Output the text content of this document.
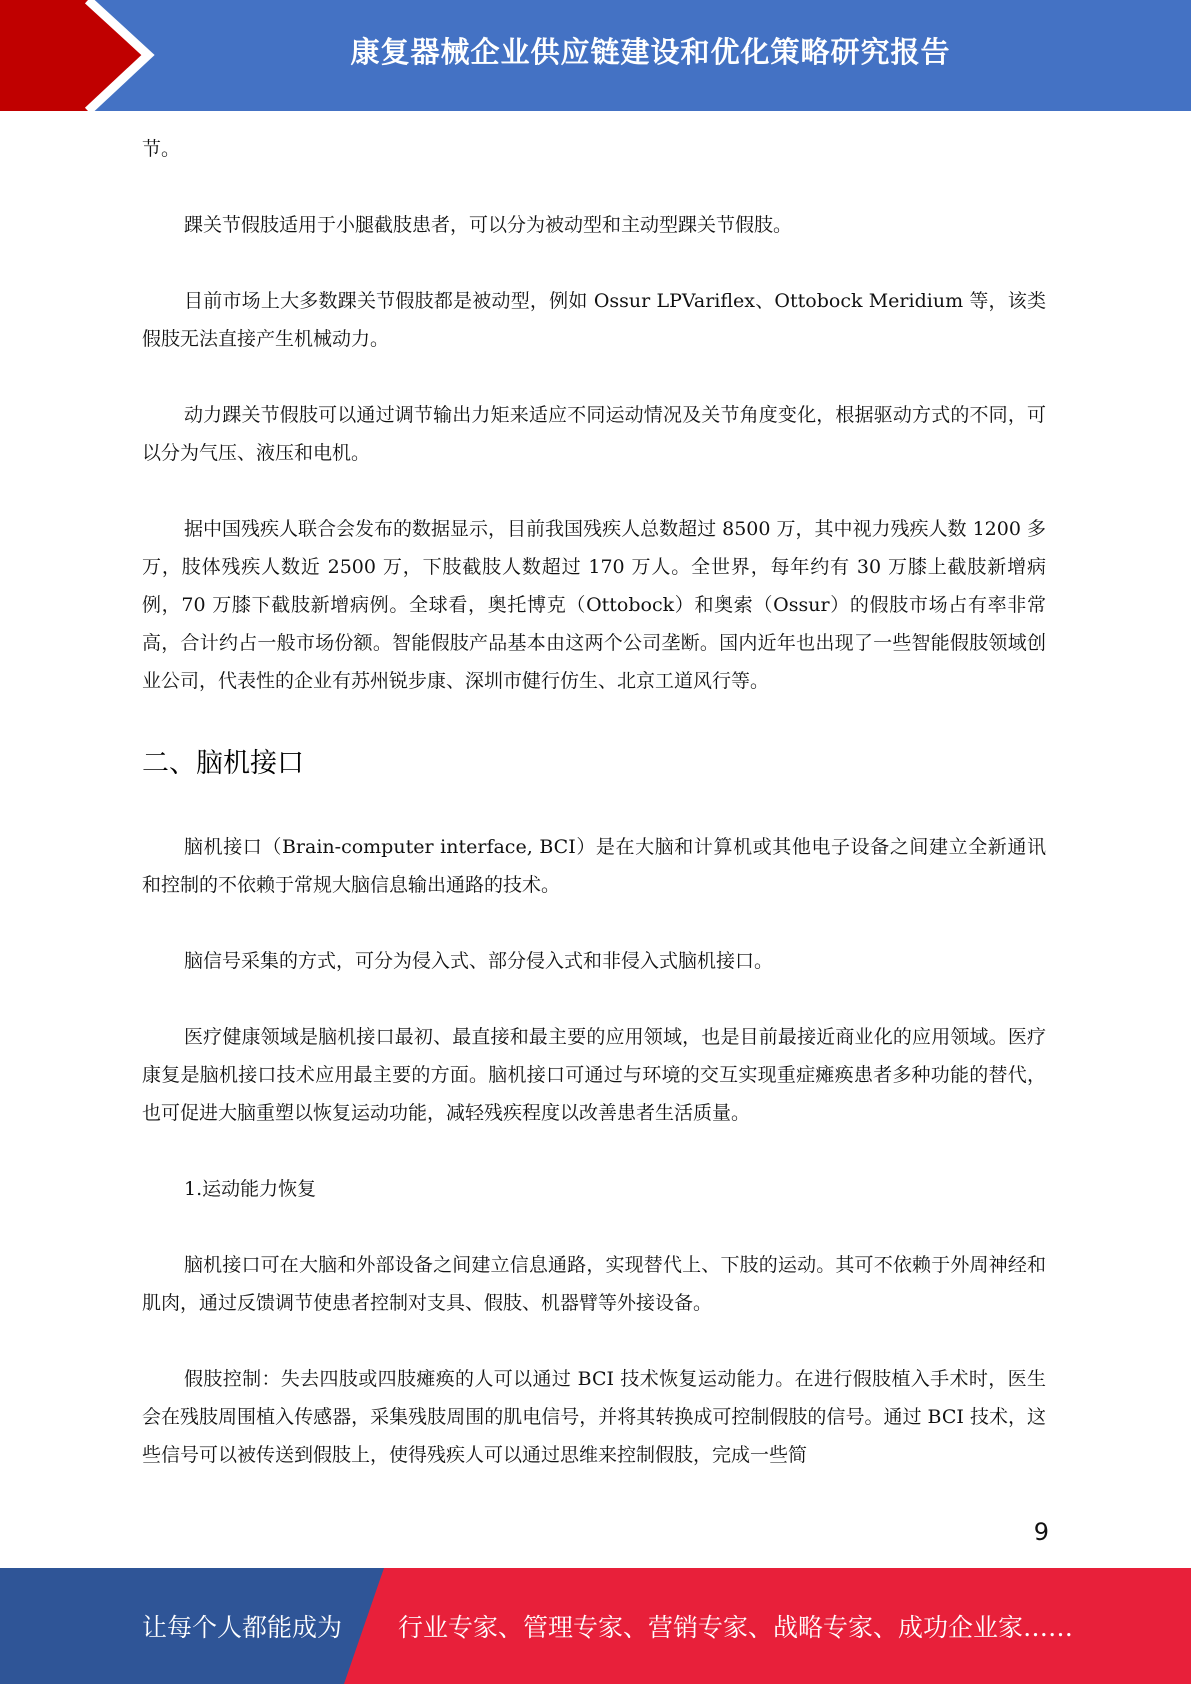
康复器械企业供应链建设和优化策略研究报告

节。

踝关节假肢适用于小腿截肢患者，可以分为被动型和主动型踝关节假肢。

目前市场上大多数踝关节假肢都是被动型，例如 Ossur LPVariflex、Ottobock Meridium 等，该类假肢无法直接产生机械动力。

动力踝关节假肢可以通过调节输出力矩来适应不同运动情况及关节角度变化，根据驱动方式的不同，可以分为气压、液压和电机。

据中国残疾人联合会发布的数据显示，目前我国残疾人总数超过 8500 万，其中视力残疾人数 1200 多万，肢体残疾人数近 2500 万，下肢截肢人数超过 170 万人。全世界，每年约有 30 万膝上截肢新增病例，70 万膝下截肢新增病例。全球看，奥托博克（Ottobock）和奥索（Ossur）的假肢市场占有率非常高，合计约占一般市场份额。智能假肢产品基本由这两个公司垄断。国内近年也出现了一些智能假肢领域创业公司，代表性的企业有苏州锐步康、深圳市健行仿生、北京工道风行等。

二、脑机接口

脑机接口（Brain-computer interface, BCI）是在大脑和计算机或其他电子设备之间建立全新通讯和控制的不依赖于常规大脑信息输出通路的技术。

脑信号采集的方式，可分为侵入式、部分侵入式和非侵入式脑机接口。

医疗健康领域是脑机接口最初、最直接和最主要的应用领域，也是目前最接近商业化的应用领域。医疗康复是脑机接口技术应用最主要的方面。脑机接口可通过与环境的交互实现重症瘫痪患者多种功能的替代，也可促进大脑重塑以恢复运动功能，减轻残疾程度以改善患者生活质量。

1.运动能力恢复

脑机接口可在大脑和外部设备之间建立信息通路，实现替代上、下肢的运动。其可不依赖于外周神经和肌肉，通过反馈调节使患者控制对支具、假肢、机器臂等外接设备。

假肢控制：失去四肢或四肢瘫痪的人可以通过 BCI 技术恢复运动能力。在进行假肢植入手术时，医生会在残肢周围植入传感器，采集残肢周围的肌电信号，并将其转换成可控制假肢的信号。通过 BCI 技术，这些信号可以被传送到假肢上，使得残疾人可以通过思维来控制假肢，完成一些简

9
让每个人都能成为 行业专家、管理专家、营销专家、战略专家、成功企业家……
